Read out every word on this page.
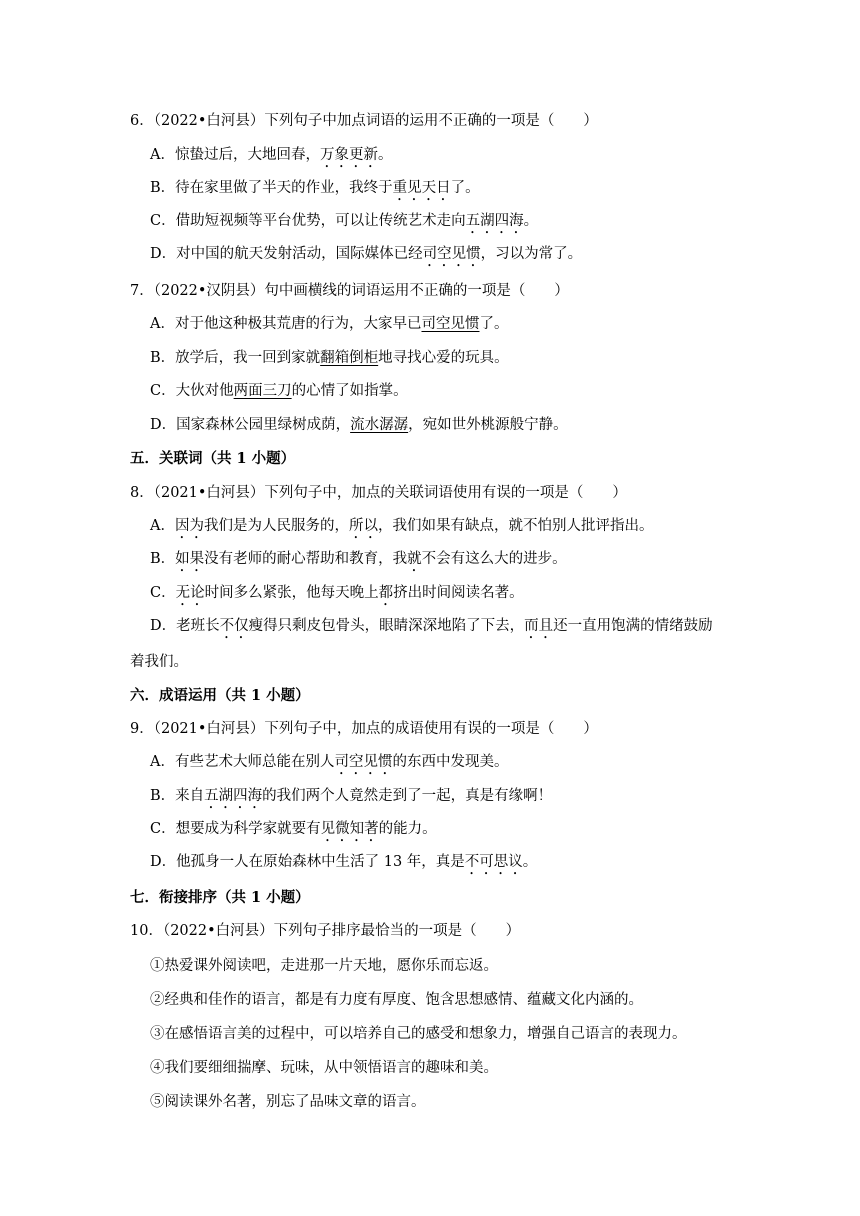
6．（2022•白河县）下列句子中加点词语的运用不正确的一项是（　　）
A．惊蛰过后，大地回春，万象更新。
B．待在家里做了半天的作业，我终于重见天日了。
C．借助短视频等平台优势，可以让传统艺术走向五湖四海。
D．对中国的航天发射活动，国际媒体已经司空见惯，习以为常了。
7．（2022•汉阴县）句中画横线的词语运用不正确的一项是（　　）
A．对于他这种极其荒唐的行为，大家早已司空见惯了。
B．放学后，我一回到家就翻箱倒柜地寻找心爱的玩具。
C．大伙对他两面三刀的心情了如指掌。
D．国家森林公园里绿树成荫，流水潺潺，宛如世外桃源般宁静。
五．关联词（共 1 小题）
8．（2021•白河县）下列句子中，加点的关联词语使用有误的一项是（　　）
A．因为我们是为人民服务的，所以，我们如果有缺点，就不怕别人批评指出。
B．如果没有老师的耐心帮助和教育，我就不会有这么大的进步。
C．无论时间多么紧张，他每天晚上都挤出时间阅读名著。
D．老班长不仅瘦得只剩皮包骨头，眼睛深深地陷了下去，而且还一直用饱满的情绪鼓励
着我们。
六．成语运用（共 1 小题）
9．（2021•白河县）下列句子中，加点的成语使用有误的一项是（　　）
A．有些艺术大师总能在别人司空见惯的东西中发现美。
B．来自五湖四海的我们两个人竟然走到了一起，真是有缘啊！
C．想要成为科学家就要有见微知著的能力。
D．他孤身一人在原始森林中生活了 13 年，真是不可思议。
七．衔接排序（共 1 小题）
10．（2022•白河县）下列句子排序最恰当的一项是（　　）
①热爱课外阅读吧，走进那一片天地，愿你乐而忘返。
②经典和佳作的语言，都是有力度有厚度、饱含思想感情、蕴藏文化内涵的。
③在感悟语言美的过程中，可以培养自己的感受和想象力，增强自己语言的表现力。
④我们要细细揣摩、玩味，从中领悟语言的趣味和美。
⑤阅读课外名著，别忘了品味文章的语言。
